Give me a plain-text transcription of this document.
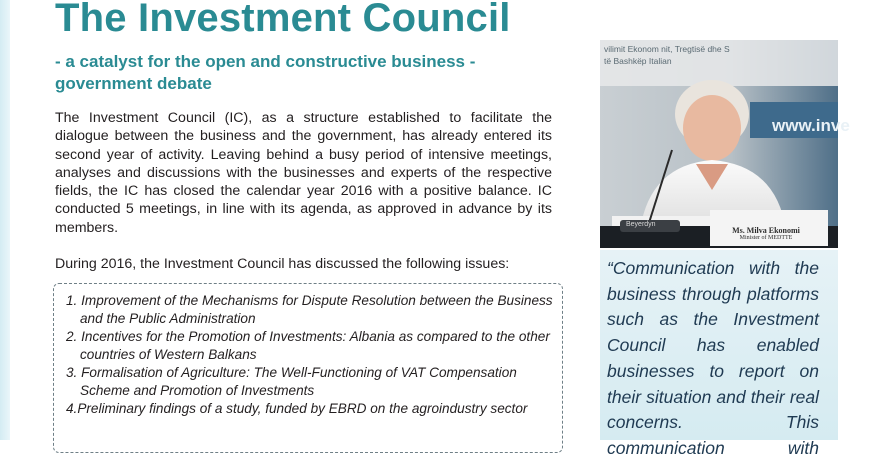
The Investment Council
- a catalyst for the open and constructive business - government debate

The Investment Council (IC), as a structure established to facilitate the dialogue between the business and the government, has already entered its second year of activity. Leaving behind a busy period of intensive meetings, analyses and discussions with the businesses and experts of the respective fields, the IC has closed the calendar year 2016 with a positive balance. IC conducted 5 meetings, in line with its agenda, as approved in advance by its members.

During 2016, the Investment Council has discussed the following issues:

1. Improvement of the Mechanisms for Dispute Resolution between the Business and the Public Administration
2. Incentives for the Promotion of Investments: Albania as compared to the other countries of Western Balkans
3. Formalisation of Agriculture: The Well-Functioning of VAT Compensation Scheme and Promotion of Investments
4.Preliminary findings of a study, funded by EBRD on the agroindustry sector
vilimit Ekonom nit, Tregtisë dhe S
të Bashkëp Italian
www.inve
Beyerdyn
Ms. Milva Ekonomi
Minister of MEDTTE

“Communication with the business through platforms such as the Investment Council has enabled businesses to report on their situation and their real concerns. This communication with
